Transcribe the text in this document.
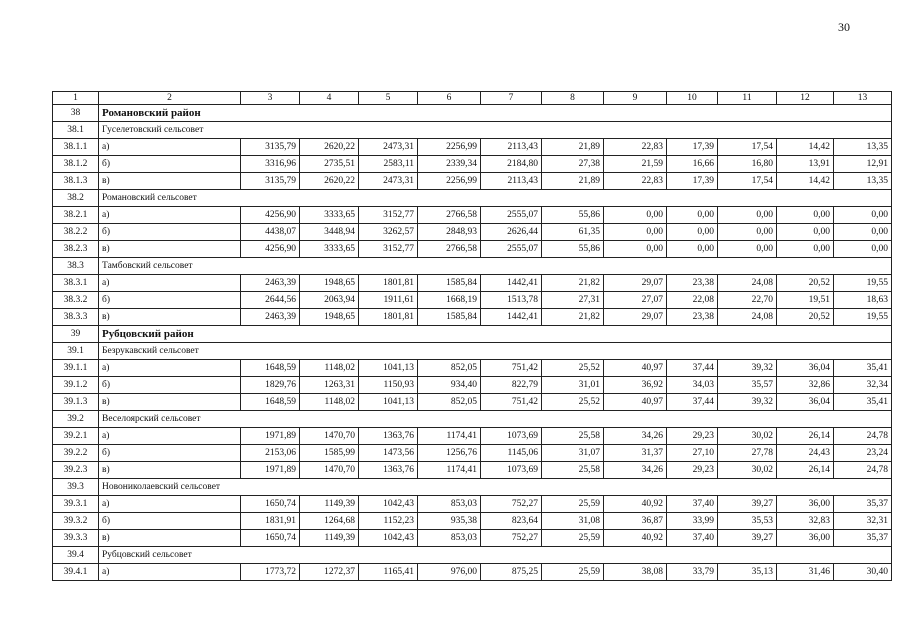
30
1	2	3	4	5	6	7	8	9	10	11	12	13
38	Романовский район											
38.1	Гуселетовский сельсовет											
38.1.1	а)	3135,79	2620,22	2473,31	2256,99	2113,43	21,89	22,83	17,39	17,54	14,42	13,35
38.1.2	б)	3316,96	2735,51	2583,11	2339,34	2184,80	27,38	21,59	16,66	16,80	13,91	12,91
38.1.3	в)	3135,79	2620,22	2473,31	2256,99	2113,43	21,89	22,83	17,39	17,54	14,42	13,35
38.2	Романовский сельсовет											
38.2.1	а)	4256,90	3333,65	3152,77	2766,58	2555,07	55,86	0,00	0,00	0,00	0,00	0,00
38.2.2	б)	4438,07	3448,94	3262,57	2848,93	2626,44	61,35	0,00	0,00	0,00	0,00	0,00
38.2.3	в)	4256,90	3333,65	3152,77	2766,58	2555,07	55,86	0,00	0,00	0,00	0,00	0,00
38.3	Тамбовский сельсовет											
38.3.1	а)	2463,39	1948,65	1801,81	1585,84	1442,41	21,82	29,07	23,38	24,08	20,52	19,55
38.3.2	б)	2644,56	2063,94	1911,61	1668,19	1513,78	27,31	27,07	22,08	22,70	19,51	18,63
38.3.3	в)	2463,39	1948,65	1801,81	1585,84	1442,41	21,82	29,07	23,38	24,08	20,52	19,55
39	Рубцовский район											
39.1	Безрукавский сельсовет											
39.1.1	а)	1648,59	1148,02	1041,13	852,05	751,42	25,52	40,97	37,44	39,32	36,04	35,41
39.1.2	б)	1829,76	1263,31	1150,93	934,40	822,79	31,01	36,92	34,03	35,57	32,86	32,34
39.1.3	в)	1648,59	1148,02	1041,13	852,05	751,42	25,52	40,97	37,44	39,32	36,04	35,41
39.2	Веселоярский сельсовет											
39.2.1	а)	1971,89	1470,70	1363,76	1174,41	1073,69	25,58	34,26	29,23	30,02	26,14	24,78
39.2.2	б)	2153,06	1585,99	1473,56	1256,76	1145,06	31,07	31,37	27,10	27,78	24,43	23,24
39.2.3	в)	1971,89	1470,70	1363,76	1174,41	1073,69	25,58	34,26	29,23	30,02	26,14	24,78
39.3	Новониколаевский сельсовет											
39.3.1	а)	1650,74	1149,39	1042,43	853,03	752,27	25,59	40,92	37,40	39,27	36,00	35,37
39.3.2	б)	1831,91	1264,68	1152,23	935,38	823,64	31,08	36,87	33,99	35,53	32,83	32,31
39.3.3	в)	1650,74	1149,39	1042,43	853,03	752,27	25,59	40,92	37,40	39,27	36,00	35,37
39.4	Рубцовский сельсовет											
39.4.1	а)	1773,72	1272,37	1165,41	976,00	875,25	25,59	38,08	33,79	35,13	31,46	30,40
